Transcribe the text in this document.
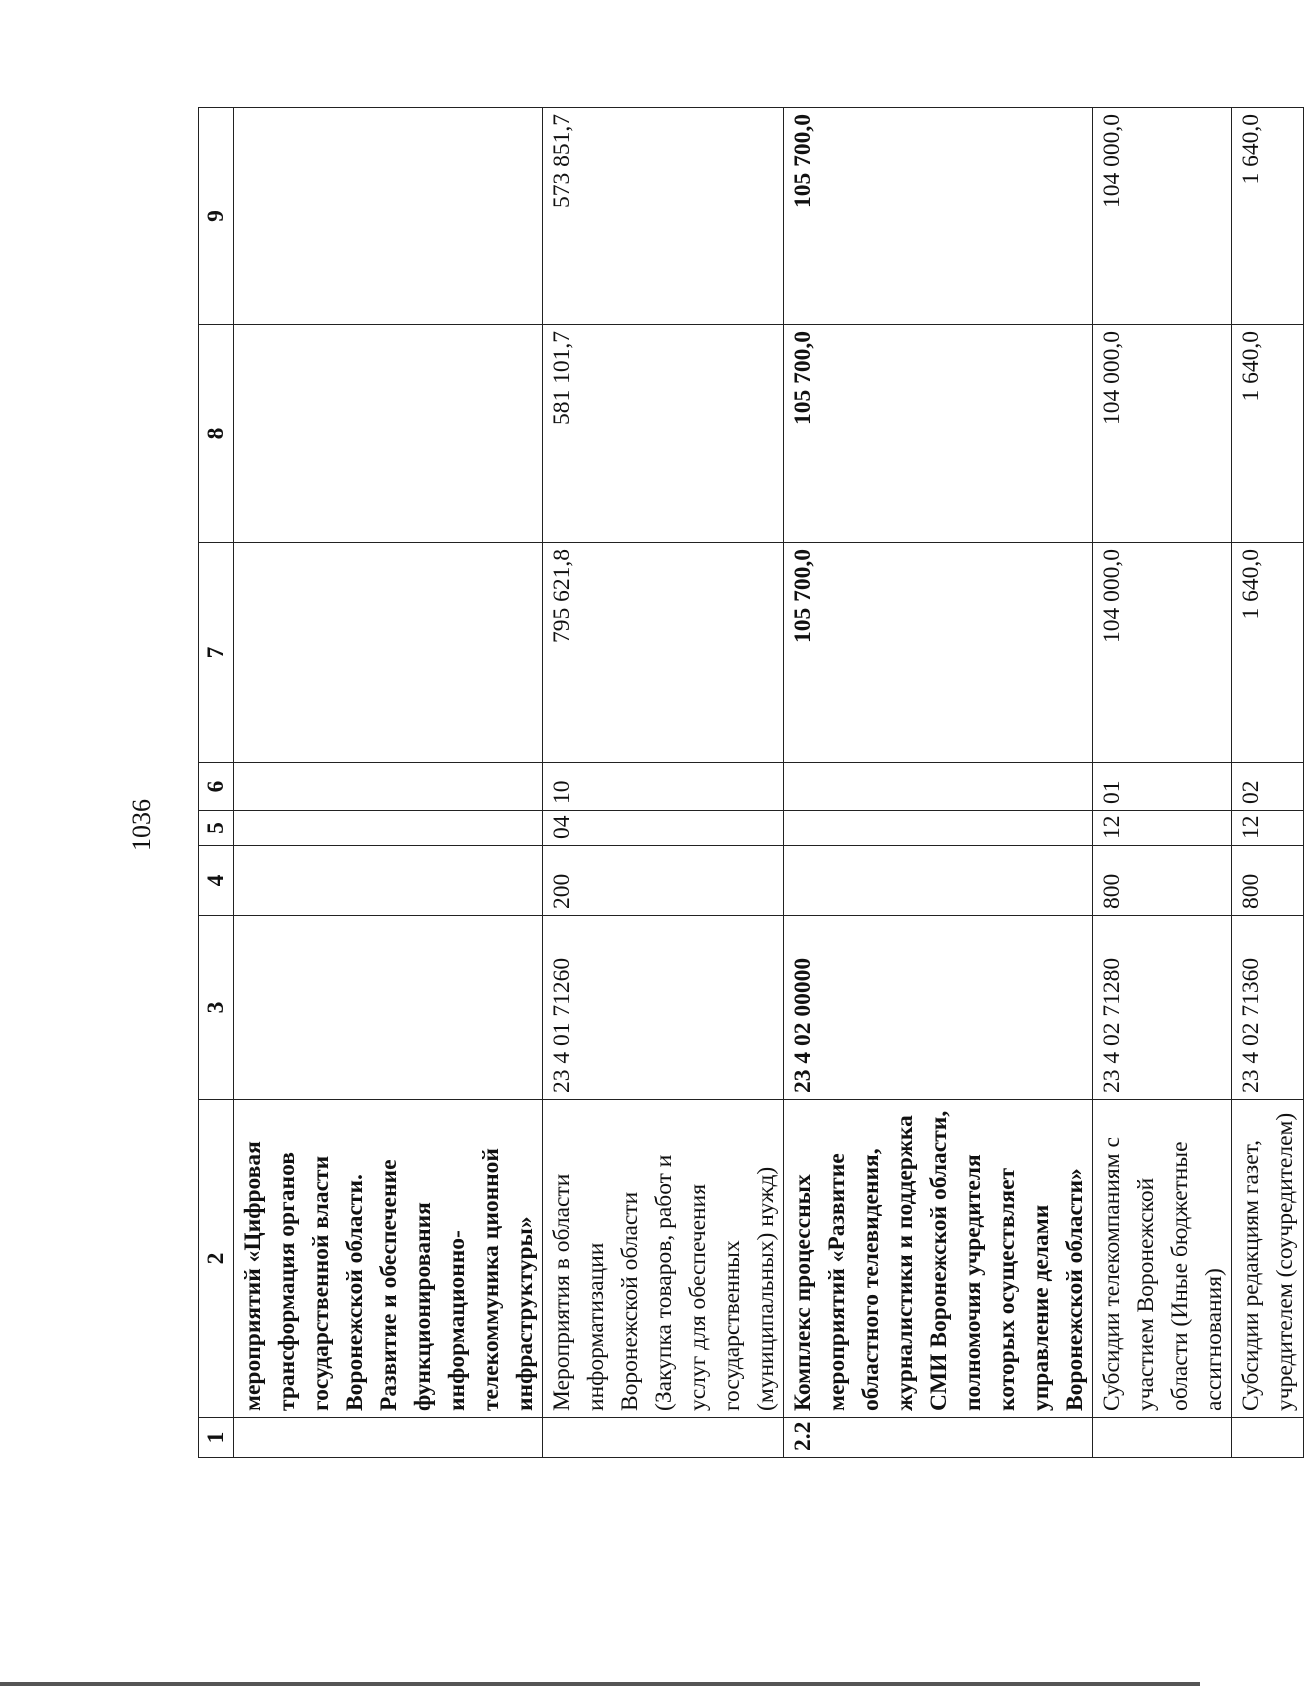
1036
1	2	3	4	5	6	7	8	9
	мероприятий «Цифровая трансформация органов государственной власти Воронежской области. Развитие и обеспечение функционирования информационно-телекоммуника ционной инфраструктуры»							
	Мероприятия в области информатизации Воронежской области (Закупка товаров, работ и услуг для обеспечения государственных (муниципальных) нужд)	23 4 01 71260	200	04	10	795 621,8	581 101,7	573 851,7
2.2	Комплекс процессных мероприятий «Развитие областного телевидения, журналистики и поддержка СМИ Воронежской области, полномочия учредителя которых осуществляет управление делами Воронежской области»	23 4 02 00000				105 700,0	105 700,0	105 700,0
	Субсидии телекомпаниям с участием Воронежской области (Иные бюджетные ассигнования)	23 4 02 71280	800	12	01	104 000,0	104 000,0	104 000,0
	Субсидии редакциям газет, учредителем (соучредителем)	23 4 02 71360	800	12	02	1 640,0	1 640,0	1 640,0
